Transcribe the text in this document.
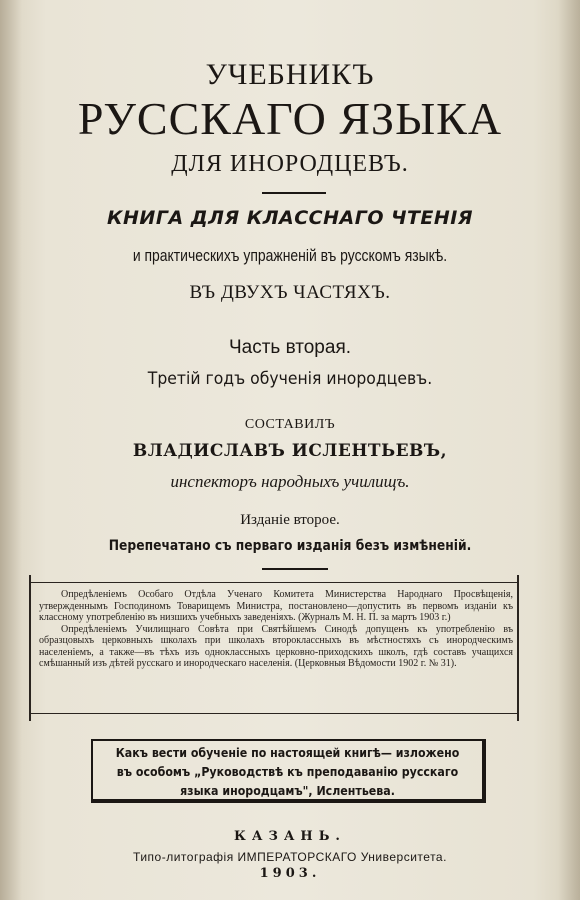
УЧЕБНИКЪ
РУССКАГО ЯЗЫКА
ДЛЯ ИНОРОДЦЕВЪ.
КНИГА ДЛЯ КЛАССНАГО ЧТЕНІЯ
и практическихъ упражненій въ русскомъ языкѣ.
ВЪ ДВУХЪ ЧАСТЯХЪ.
Часть вторая.
Третій годъ обученія инородцевъ.
СОСТАВИЛЪ
ВЛАДИСЛАВЪ ИСЛЕНТЬЕВЪ,
инспекторъ народныхъ училищъ.
Изданіе второе.
Перепечатано съ перваго изданія безъ измѣненій.

Опредѣленіемъ Особаго Отдѣла Ученаго Комитета Министерства Народнаго Просвѣщенія, утвержденнымъ Господиномъ Товарищемъ Министра, постановлено—допустить въ первомъ изданіи къ классному употребленію въ низшихъ учебныхъ заведеніяхъ. (Журналъ М. Н. П. за мартъ 1903 г.)

Опредѣленіемъ Училищнаго Совѣта при Святѣйшемъ Синодѣ допущенъ къ употребленію въ образцовыхъ церковныхъ школахъ при школахъ второклассныхъ въ мѣстностяхъ съ инородческимъ населеніемъ, а также—въ тѣхъ изъ одноклассныхъ церковно-приходскихъ школъ, гдѣ составъ учащихся смѣшанный изъ дѣтей русскаго и инородческаго населенія. (Церковныя Вѣдомости 1902 г. № 31).

Какъ вести обученіе по настоящей книгѣ— изложено
въ особомъ „Руководствѣ къ преподаванію русскаго
языка инородцамъ", Ислентьева.
КАЗАНЬ.
Типо-литографія ИМПЕРАТОРСКАГО Университета.
1903.
